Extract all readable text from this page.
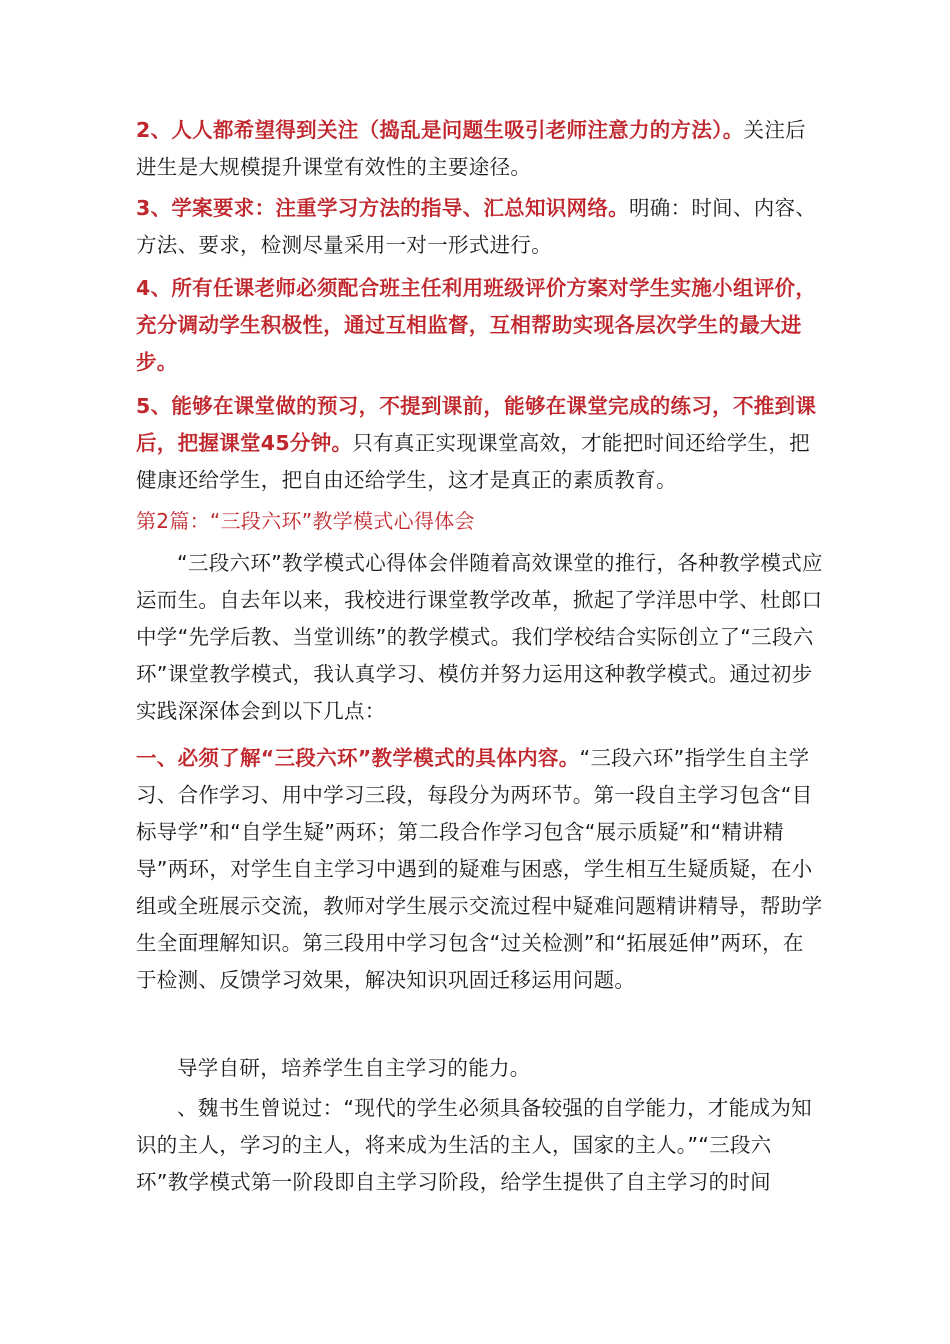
2、人人都希望得到关注（捣乱是问题生吸引老师注意力的方法）。关注后进生是大规模提升课堂有效性的主要途径。

3、学案要求：注重学习方法的指导、汇总知识网络。明确：时间、内容、方法、要求，检测尽量采用一对一形式进行。

4、所有任课老师必须配合班主任利用班级评价方案对学生实施小组评价，充分调动学生积极性，通过互相监督，互相帮助实现各层次学生的最大进步。

5、能够在课堂做的预习，不提到课前，能够在课堂完成的练习，不推到课后，把握课堂45分钟。只有真正实现课堂高效，才能把时间还给学生，把健康还给学生，把自由还给学生，这才是真正的素质教育。

第2篇：“三段六环”教学模式心得体会

“三段六环”教学模式心得体会伴随着高效课堂的推行，各种教学模式应运而生。自去年以来，我校进行课堂教学改革，掀起了学洋思中学、杜郎口中学“先学后教、当堂训练”的教学模式。我们学校结合实际创立了“三段六环”课堂教学模式，我认真学习、模仿并努力运用这种教学模式。通过初步实践深深体会到以下几点：

一、必须了解“三段六环”教学模式的具体内容。“三段六环”指学生自主学习、合作学习、用中学习三段，每段分为两环节。第一段自主学习包含“目标导学”和“自学生疑”两环；第二段合作学习包含“展示质疑”和“精讲精导”两环，对学生自主学习中遇到的疑难与困惑，学生相互生疑质疑，在小组或全班展示交流，教师对学生展示交流过程中疑难问题精讲精导，帮助学生全面理解知识。第三段用中学习包含“过关检测”和“拓展延伸”两环，在于检测、反馈学习效果，解决知识巩固迁移运用问题。

导学自研，培养学生自主学习的能力。

、魏书生曾说过：“现代的学生必须具备较强的自学能力，才能成为知识的主人，学习的主人，将来成为生活的主人，国家的主人。”“三段六环”教学模式第一阶段即自主学习阶段，给学生提供了自主学习的时间
